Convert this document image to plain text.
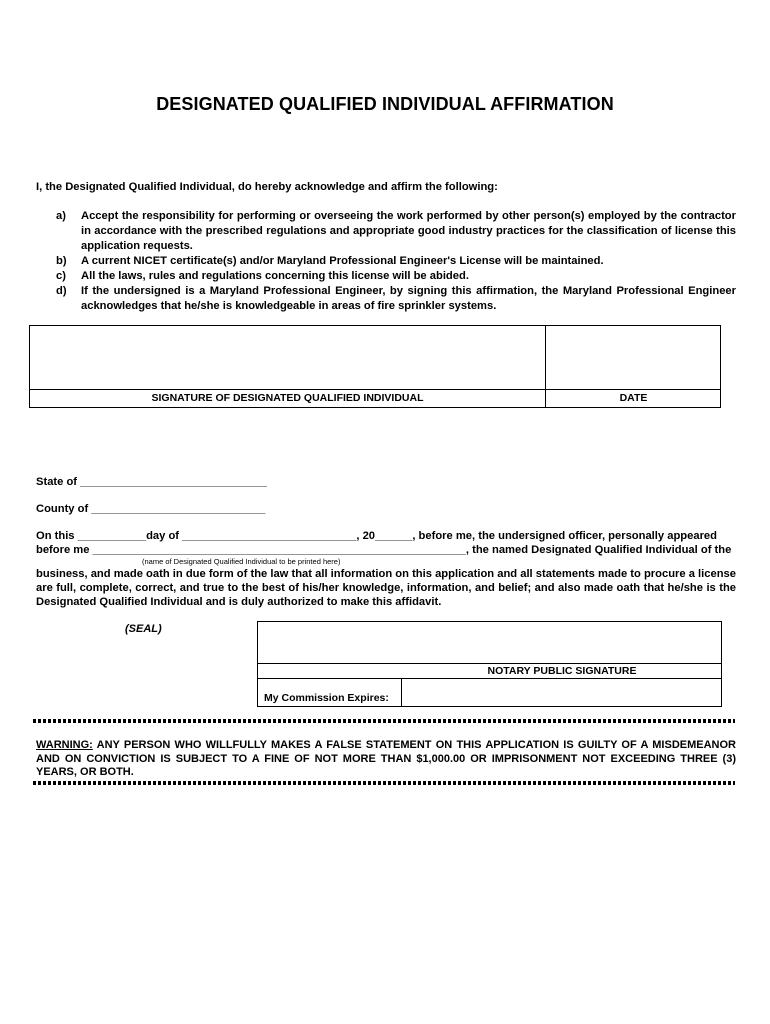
DESIGNATED QUALIFIED INDIVIDUAL AFFIRMATION
I, the Designated Qualified Individual, do hereby acknowledge and affirm the following:
a)	Accept the responsibility for performing or overseeing the work performed by other person(s) employed by the contractor in accordance with the prescribed regulations and appropriate good industry practices for the classification of license this application requests.
b)	A current NICET certificate(s) and/or Maryland Professional Engineer's License will be maintained.
c)	All the laws, rules and regulations concerning this license will be abided.
d)	If the undersigned is a Maryland Professional Engineer, by signing this affirmation, the Maryland Professional Engineer acknowledges that he/she is knowledgeable in areas of fire sprinkler systems.
SIGNATURE OF DESIGNATED QUALIFIED INDIVIDUAL	DATE
State of ______________________________
County of ____________________________
On this ___________day of ____________________________, 20______, before me, the undersigned officer, personally appeared
before me ____________________________________________________________, the named Designated Qualified Individual of the
(name of Designated Qualified Individual to be printed here)
business, and made oath in due form of the law that all information on this application and all statements made to procure a license are full, complete, correct, and true to the best of his/her knowledge, information, and belief; and also made oath that he/she is the Designated Qualified Individual and is duly authorized to make this affidavit.
(SEAL)
NOTARY PUBLIC SIGNATURE
My Commission Expires:
WARNING: ANY PERSON WHO WILLFULLY MAKES A FALSE STATEMENT ON THIS APPLICATION IS GUILTY OF A MISDEMEANOR AND ON CONVICTION IS SUBJECT TO A FINE OF NOT MORE THAN $1,000.00 OR IMPRISONMENT NOT EXCEEDING THREE (3) YEARS, OR BOTH.
